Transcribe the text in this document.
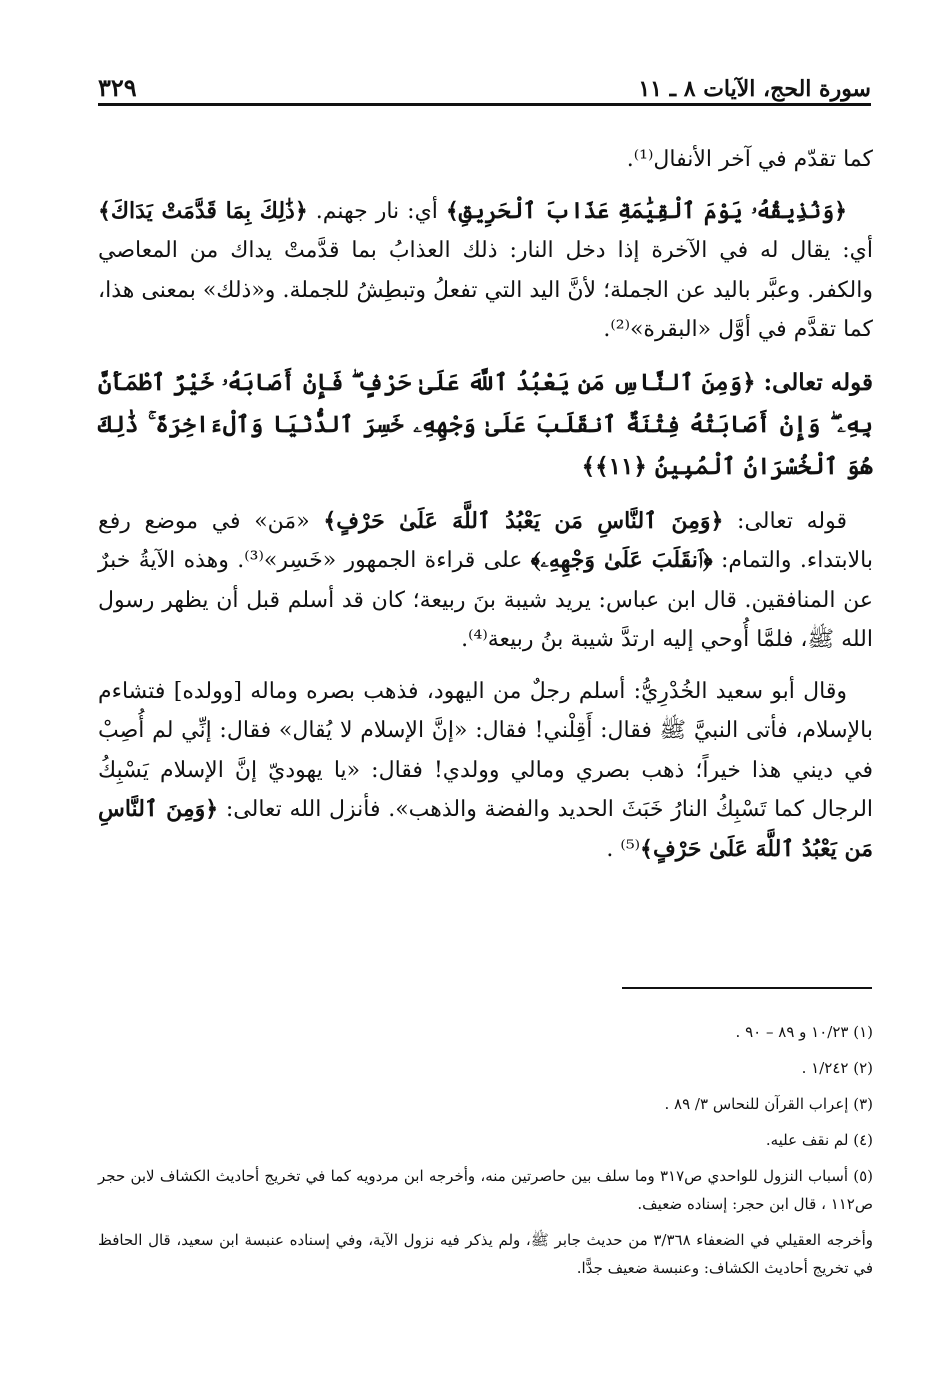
سورة الحج، الآيات ٨ ـ ١١
٣٢٩

كما تقدّم في آخر الأنفال⁽¹⁾.

﴿وَنُذِيقُهُۥ يَوْمَ ٱلْقِيَٰمَةِ عَذَابَ ٱلْحَرِيقِ﴾ أي: نار جهنم. ﴿ذَٰلِكَ بِمَا قَدَّمَتْ يَدَاكَ﴾ أي: يقال له في الآخرة إذا دخل النار: ذلك العذابُ بما قدَّمتْ يداك من المعاصي والكفر. وعبَّر باليد عن الجملة؛ لأنَّ اليد التي تفعلُ وتبطِشُ للجملة. و«ذلك» بمعنى هذا، كما تقدَّم في أوَّل «البقرة»⁽²⁾.

قوله تعالى: ﴿وَمِنَ ٱلنَّاسِ مَن يَعْبُدُ ٱللَّهَ عَلَىٰ حَرْفٍ ۖ فَإِنْ أَصَابَهُۥ خَيْرٌ ٱطْمَأَنَّ بِهِۦ ۖ وَإِنْ أَصَابَتْهُ فِتْنَةٌ ٱنقَلَبَ عَلَىٰ وَجْهِهِۦ خَسِرَ ٱلدُّنْيَا وَٱلْءَاخِرَةَ ۚ ذَٰلِكَ هُوَ ٱلْخُسْرَانُ ٱلْمُبِينُ ﴿١١﴾﴾

قوله تعالى: ﴿وَمِنَ ٱلنَّاسِ مَن يَعْبُدُ ٱللَّهَ عَلَىٰ حَرْفٍ﴾ «مَن» في موضع رفع بالابتداء. والتمام: ﴿ٱنقَلَبَ عَلَىٰ وَجْهِهِۦ﴾ على قراءة الجمهور «خَسِر»⁽³⁾. وهذه الآيةُ خبرٌ عن المنافقين. قال ابن عباس: يريد شيبة بنَ ربيعة؛ كان قد أسلم قبل أن يظهر رسول الله ﷺ، فلمَّا أُوحي إليه ارتدَّ شيبة بنُ ربيعة⁽⁴⁾.

وقال أبو سعيد الخُدْرِيُّ: أسلم رجلٌ من اليهود، فذهب بصره وماله [وولده] فتشاءم بالإسلام، فأتى النبيَّ ﷺ فقال: أَقِلْني! فقال: «إنَّ الإسلام لا يُقال» فقال: إنِّي لم أُصِبْ في ديني هذا خيراً؛ ذهب بصري ومالي وولدي! فقال: «يا يهوديّ إنَّ الإسلام يَسْبِكُ الرجال كما تَسْبِكُ النارُ خَبَثَ الحديد والفضة والذهب». فأنزل الله تعالى: ﴿وَمِنَ ٱلنَّاسِ مَن يَعْبُدُ ٱللَّهَ عَلَىٰ حَرْفٍ﴾⁽⁵⁾ .

(١) ١٠/٢٣ و ٨٩ – ٩٠ .

(٢) ١/٢٤٢ .

(٣) إعراب القرآن للنحاس ٣/ ٨٩ .

(٤) لم نقف عليه.

(٥) أسباب النزول للواحدي ص٣١٧ وما سلف بين حاصرتين منه، وأخرجه ابن مردويه كما في تخريج أحاديث الكشاف لابن حجر ص١١٢ ، قال ابن حجر: إسناده ضعيف.

وأخرجه العقيلي في الضعفاء ٣/٣٦٨ من حديث جابر ﷺ، ولم يذكر فيه نزول الآية، وفي إسناده عنبسة ابن سعيد، قال الحافظ في تخريج أحاديث الكشاف: وعنبسة ضعيف جدًّا.
